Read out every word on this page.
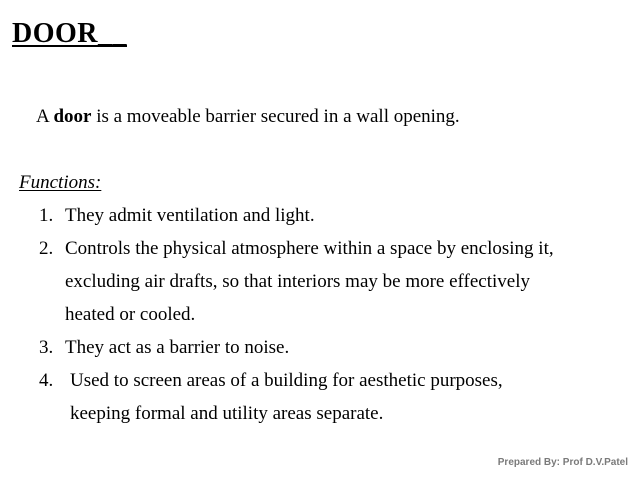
DOOR__
A door is a moveable barrier secured in a wall opening.
Functions:
1. They admit ventilation and light.
2. Controls the physical atmosphere within a space by enclosing it,
excluding air drafts, so that interiors may be more effectively
heated or cooled.
3. They act as a barrier to noise.
4. Used to screen areas of a building for aesthetic purposes,
keeping formal and utility areas separate.
Prepared By: Prof D.V.Patel
